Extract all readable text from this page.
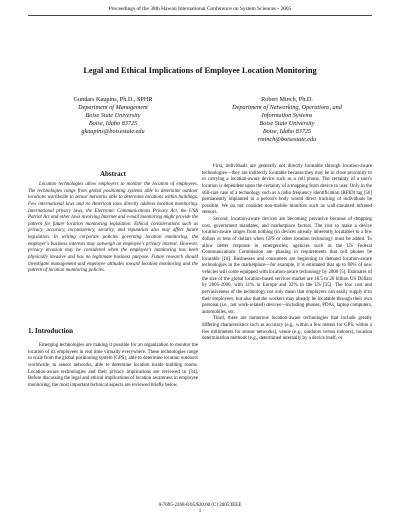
Proceedings of the 38th Hawaii International Conference on System Sciences - 2005
Legal and Ethical Implications of Employee Location Monitoring
Gundars Kaupins, Ph.D., SPHR
Department of Management
Boise State University
Boise, Idaho 83725
gkaupins@boisestate.edu
Robert Minch, Ph.D.
Department of Networking, Operations, and
Information Systems
Boise State University
Boise, Idaho 83725
rminch@boisestate.edu
Abstract
Location technologies allow employers to monitor the location of employees. The technologies range from global positioning systems able to determine outdoor locations worldwide to sensor networks able to determine locations within buildings. Few international laws and no American laws directly address location monitoring. International privacy laws, the Electronic Communications Privacy Act, the USA Patriot Act and other laws involving Internet and e-mail monitoring might provide the pattern for future location monitoring legislation. Ethical considerations such as privacy, accuracy, inconsistency, security, and reputation also may affect future legislation. In writing corporate policies governing location monitoring, the employer's business interests may outweigh an employee's privacy interest. However, privacy invasion may be considered when the employee's monitoring has been physically invasive and has no legitimate business purpose. Future research should investigate management and employee attitudes toward location monitoring and the pattern of location monitoring policies.
1. Introduction

Emerging technologies are making it possible for an organization to monitor the location of its employees in real time virtually everywhere. These technologies range in scale from the global positioning system (GPS), able to determine location outdoors worldwide, to sensor networks, able to determine location inside building rooms. Location-aware technologies and their privacy implications are reviewed in [34]. Before discussing the legal and ethical implications of location awareness in employee monitoring, the most important technical aspects are reviewed briefly below.

First, individuals are generally not directly locatable through location-aware technologies—they are indirectly locatable because they may be in close proximity to or carrying a location-aware device such as a cell phone. The certainty of a user's location is dependent upon the certainty of a mapping from device to user. Only in the still-rare case of a technology such as a radio frequency identification (RFID) tag [56] permanently implanted in a person's body would direct tracking of individuals be possible. We do not consider non-mobile monitors such as wall-mounted infrared sensors.

Second, location-aware devices are becoming pervasive because of dropping cost, government mandates, and marketplace factors. The cost to make a device location-aware ranges from nothing (in devices already inherently locatable) to a few dollars or tens of dollars when GPS or other location technology must be added. To allow better response in emergencies, agencies such as the US Federal Communications Commission are phasing in requirements that cell phones be locatable [16]. Businesses and consumers are beginning to demand location-aware technologies in the marketplace—for example, it is estimated that up to 80% of new vehicles will come equipped with location-aware technology by 2006 [5]. Estimates of the size of the global location-based services market are 18.5 to 20 billion US Dollars by 2005-2006, with 31% in Europe and 22% in the US [35]. The low cost and pervasiveness of the technology not only mean that employers can easily supply it to their employees, but also that the workers may already be locatable through their own personal (i.e., not work-related) devices—including phones, PDAs, laptop computers, automobiles, etc.

Third, there are numerous location-aware technologies that include greatly differing characteristics such as accuracy (e.g., within a few meters for GPS; within a few millimeters for sensor networks), venue (e.g., outdoors versus indoors), location determination methods (e.g., determined internally by a device itself, or

0-7695-2268-8/05/$20.00 (C) 2005 IEEE
1
